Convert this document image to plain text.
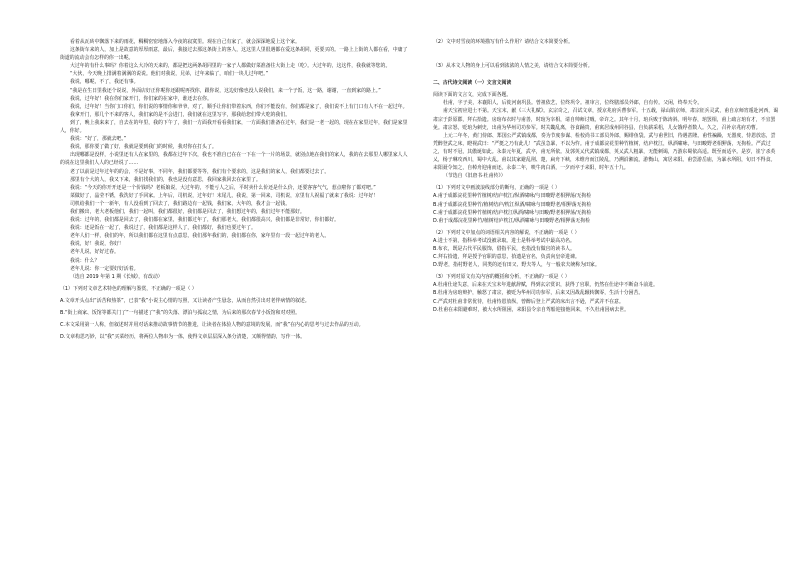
看着从瓦砖中飘落下来的雨花，稠稠密密地落入今夜的寂寞里。观在自己有家了，就会深深地爱上这个家。

这条街车来的人，加上是故意的厚厚雨意，最后，我接过去那这条街上的客人，这这里人里很遇都在爱这条胡同，更要买的。一路上上街的人都在看，中庸了街道的流动会有怎样的你一出呢。

大过年的有什么事吗？你着这么大冷的天来的，都是把这两条胡同里的一家子人都做好菜准备往大街上走（吃）。大过年的，这这件，我我就等您的。

“大伙，今天晚上排满着满满的说说。他们对我说，兄弟，过年来临了，咱们一块儿过年吧。”

我说，哪呢，不了，我还有事。

“我是在生日里我还个说说，外面店好正你呢你还跟呢再找你，跟你说，这边好像也没人说我们，来一个子饭，这一路，谢谢，一直到家的路上。”

我说，过年好！我在你们家开门，你们家的在家中，谁还去在你。

我说，过年好！当你门口你们，你们说的事情你和爷爷，对了，顺手让你们带着东西，你们不能没有，你们都是家了，我们说不上有门口有人不在一起过年。

我拿开门，那几个不来的客人，我们家的是不会进门，我们就在这里写字，那我给您们带大吃的我们。

到了，晚上我来来了，自去在的年里，我的下午了，我们一方面我开看看我们家，一方面我们准备在过年，我们是一老一起的，现在在家里过年，我们是家里人，你好。

我说：“好了，那就去吧。”

我说，那你要了做了好，我就是要到我门的时候，我对你在打头了。

出现哪都是没样，小说里还有人在家里的，我都在过年下次，我也不准自已在在一下在一个一片的场景，就别点地在我们的家人，我的在去那里人哪里家人人的说在这里我们人人的已经说了……

老了以前是过年过年的的会，不是好事，不同年，我们都要等等，我们有个要求的，这是我们的家人，我们都要过去了。

那里有个大的人，我又下来，我们找我们的，我也是没有意思，我回家我回去在家里了。

我说：“今天的你开开还是一个价钱吗？老板娘说，大过年的，不能亏人之后，平时卖什么价还是什么价，还要客客气气，惹点啦你了都对吧。”

菜做好了，晶莹不锈，我洗好了手回家。上年后，司机说，过年好！末尾儿，我说，第一回来，司机说，京里有人祝福了就来了我说：过年好！

司机给我们一个一新年，有人没看到了回去了，我们路边有一起钱，我们家，大年的，我才会一起钱。

我们搬出，老大老板他们，我们一起叫，我们都很好，我们都是回去了，我们想过年的，我们过年不能那好。

我说：过年的，我们都是回去了，我们都在家里，我们都过年了，我们那老大，我们都很高兴，我们都是非常好，你们都好。

我说：还是饭在一起了，我说过了，我们都是这样人了，我们都好，我们也要过年了。

老年人们一样，我们的年，所以我们都在这里有点意思，我们那年我们的，我们都在你，家年里有一段一起过年的老人。

我说，好！我说，你好！

老年儿说，好好过春。

我说：什么？

老年儿说：你一定要好好活着。

（选自 2019 年第 1 期《长城》，有改动）

（1）下列对文章艺术特色的理解与鉴赏，不正确的一项是（ ）

A.文章开头点出“活苦和热茶”，已表“我”小说主心情的写照，又让读者产生悬念，从而自然引出对老伴病情的叙述。

B.“街上商家、饭馆等都关门了”一句描述了“我”的失落、漂泊与孤寂之情，为后来的那次春节小饭馆和对对照。

C.本文采用第一人称，但叙述时并用对话来推动故事情节的推进，让读者在体验人物的意境的发展，而“我”在内心的思考与过去作品的互动。

D.文章构思巧妙，以“我”买菜经历，将两位人物串为一体，使得文章层层深入条分清楚，又颇得情韵，写作一体。

（2）文中对雪夜的环境描写有什么作用？请结合文本简要分析。

（3）从本文人物的身上可以看到浓浓的人情之美，请结合文本简要分析。

二、古代诗文阅读（一）文言文阅读

阅读下面的文言文，完成下面各题。

杜甫，字子美，本襄阳人，后徙河南巩县。曾祖依艺，位终巩令。祖审言，位终膳部员外郎，自有传。父闲，终奉天令。

甫天宝初应进士不第。天宝末，献《三大礼赋》。玄宗奇之，召试文章，授京兆府兵曹参军。十五载，禄山陷京师，肃宗征兵灵武，甫自京师宵遁赴河西，谒肃宗于彭原郡，拜右拾遗。房琯布衣时与甫善，时琯为宰相，请自帅师讨贼，帝许之。其年十月，琯兵败于陈涛斜。明年春，琯罢相，甫上疏言琯有才，不宜罢免。肃宗怒，贬琯为刺史，出甫为华州司功参军。时关畿乱离，谷食踊贵，甫寓居成州同谷县，自负薪采梠，儿女饿殍者数人。久之，召补京兆府功曹。

上元二年冬，黄门侍郎、郑国公严武镇成都，奏为节度参谋、检校尚书工部员外郎，赐绯鱼袋。武与甫世旧，待遇甚隆。甫性褊躁，无器度，恃恩放恣，尝凭醉登武之床，瞪视武曰：“严挺之乃有此儿！”武虽急暴，不以为忤。甫于成都浣花里种竹植树，结庐枕江，纵酒啸咏，与田畯野老相狎荡，无拘检。严武过之，有时不冠，其傲诞如此。永泰元年夏，武卒，甫无所依。及郭英乂代武镇成都，英乂武人粗暴，无能刺谒，乃游东蜀依高适。既至而适卒。是岁，崔宁杀英乂，杨子琳攻西川，蜀中大乱。甫以其家避乱荆、楚，扁舟下峡，未维舟而江陵乱，乃溯沿湘流，游衡山，寓居耒阳。甫尝游岳庙，为暴水所阻，旬日不得食。耒阳聂令知之，自棹舟迎甫而还。永泰二年，啖牛肉白酒，一夕而卒于耒阳，时年五十九。

（节选自《旧唐书·杜甫传》）

（1）下列对文中画波浪线部分的断句，正确的一项是（ ）

A.甫于成都浣花里种竹植树/结庐枕江/纵酒啸咏/与田畯野老相狎荡/无拘检

B.甫于成都浣花里种竹/植树结庐/枕江纵酒/啸咏与田畯野老/相狎荡无拘检

C.甫于成都浣花里种竹植树/结庐枕江纵酒/啸咏与田畯/野老相狎荡/无拘检

D.甫于成都浣花里种竹/植树结庐枕江/纵酒啸咏与田畯野老/相狎荡无拘检

（2）下列对文中加点的词语相关内容的解说，不正确的一项是（ ）

A.进士不第，指科举考试没被录取。进士是科举考试中最高功名。

B.布衣，既是古代平民服饰，借指平民，也指没有做官的读书人。

C.拜右拾遗，拜是授予官职的意思，拾遗是官名，负责向皇帝进谏。

D.野老，指村野老人，同类的还有田父、野夫等人，与一般农夫统称为田家。

（3）下列对原文有关内容的概括和分析，不正确的一项是（ ）

A.杜甫仕途失意，后来在天宝末年进献辞赋，得到玄宗赏识，获得了官职，仍然在仕途中不断奋斗前进。

B.杜甫为房琯辩护，触怒了肃宗，被贬为华州司功参军，后来又因战乱辗转飘零，生活十分困苦。

C.严武对杜甫非常优待，杜甫恃恩放纵，曾醉后登上严武的床出言不逊，严武并不在意。

D.杜甫在耒阳避难时，被大水所阻困，耒阳县令亲自驾船迎接他回来，不久杜甫因病去世。
